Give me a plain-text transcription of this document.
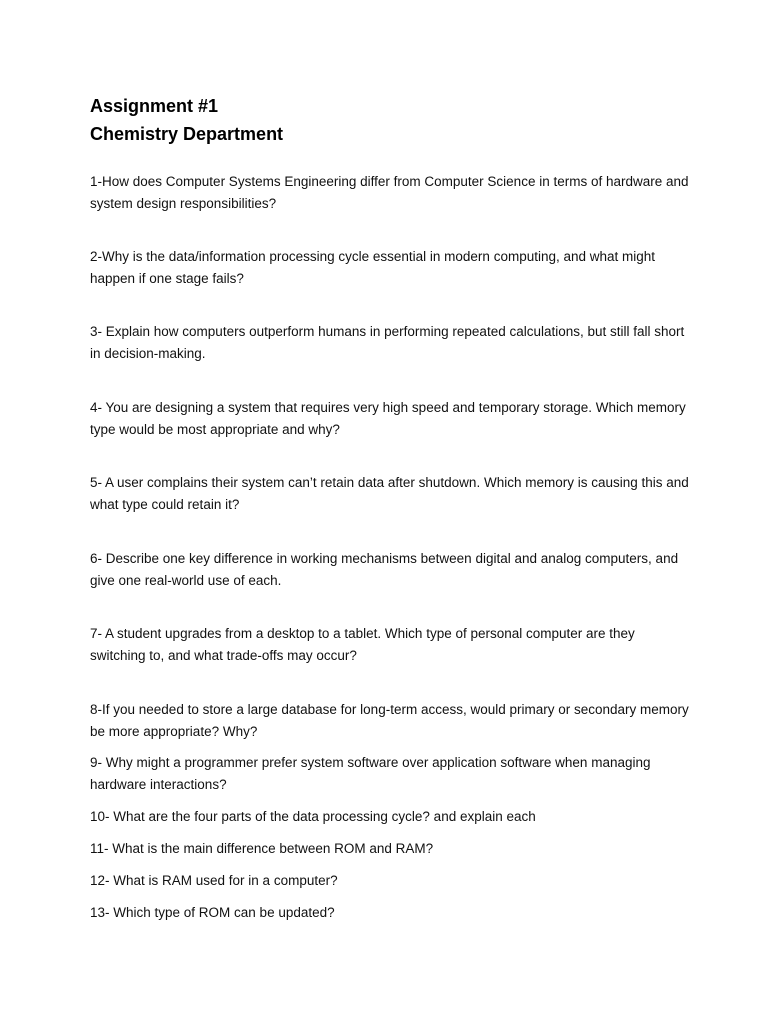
Assignment #1
Chemistry Department

1-How does Computer Systems Engineering differ from Computer Science in terms of hardware and system design responsibilities?

2-Why is the data/information processing cycle essential in modern computing, and what might happen if one stage fails?

3- Explain how computers outperform humans in performing repeated calculations, but still fall short in decision-making.

4- You are designing a system that requires very high speed and temporary storage. Which memory type would be most appropriate and why?

5- A user complains their system can’t retain data after shutdown. Which memory is causing this and what type could retain it?

6- Describe one key difference in working mechanisms between digital and analog computers, and give one real-world use of each.

7- A student upgrades from a desktop to a tablet. Which type of personal computer are they switching to, and what trade-offs may occur?

8-If you needed to store a large database for long-term access, would primary or secondary memory be more appropriate? Why?

9- Why might a programmer prefer system software over application software when managing hardware interactions?

10- What are the four parts of the data processing cycle? and explain each

11- What is the main difference between ROM and RAM?

12- What is RAM used for in a computer?

13- Which type of ROM can be updated?
